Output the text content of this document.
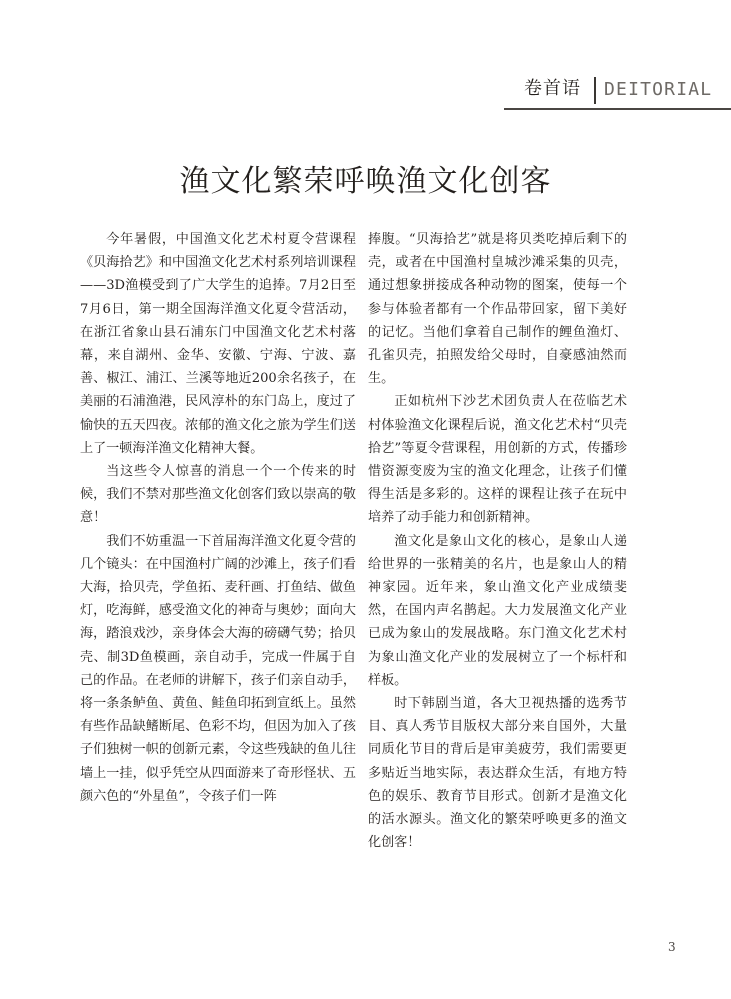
卷首语 DEITORIAL
渔文化繁荣呼唤渔文化创客

今年暑假，中国渔文化艺术村夏令营课程《贝海拾艺》和中国渔文化艺术村系列培训课程——3D渔模受到了广大学生的追捧。7月2日至7月6日，第一期全国海洋渔文化夏令营活动，在浙江省象山县石浦东门中国渔文化艺术村落幕，来自湖州、金华、安徽、宁海、宁波、嘉善、椒江、浦江、兰溪等地近200余名孩子，在美丽的石浦渔港，民风淳朴的东门岛上，度过了愉快的五天四夜。浓郁的渔文化之旅为学生们送上了一顿海洋渔文化精神大餐。

当这些令人惊喜的消息一个一个传来的时候，我们不禁对那些渔文化创客们致以崇高的敬意！

我们不妨重温一下首届海洋渔文化夏令营的几个镜头：在中国渔村广阔的沙滩上，孩子们看大海，拾贝壳，学鱼拓、麦秆画、打鱼结、做鱼灯，吃海鲜，感受渔文化的神奇与奥妙；面向大海，踏浪戏沙，亲身体会大海的磅礴气势；拾贝壳、制3D鱼模画，亲自动手，完成一件属于自己的作品。在老师的讲解下，孩子们亲自动手，将一条条鲈鱼、黄鱼、鲑鱼印拓到宣纸上。虽然有些作品缺鳍断尾、色彩不均，但因为加入了孩子们独树一帜的创新元素，令这些残缺的鱼儿往墙上一挂，似乎凭空从四面游来了奇形怪状、五颜六色的“外星鱼”，令孩子们一阵

捧腹。“贝海拾艺”就是将贝类吃掉后剩下的壳，或者在中国渔村皇城沙滩采集的贝壳，通过想象拼接成各种动物的图案，使每一个参与体验者都有一个作品带回家，留下美好的记忆。当他们拿着自己制作的鲤鱼渔灯、孔雀贝壳，拍照发给父母时，自豪感油然而生。

正如杭州下沙艺术团负责人在莅临艺术村体验渔文化课程后说，渔文化艺术村“贝壳拾艺”等夏令营课程，用创新的方式，传播珍惜资源变废为宝的渔文化理念，让孩子们懂得生活是多彩的。这样的课程让孩子在玩中培养了动手能力和创新精神。

渔文化是象山文化的核心，是象山人递给世界的一张精美的名片，也是象山人的精神家园。近年来，象山渔文化产业成绩斐然，在国内声名鹊起。大力发展渔文化产业已成为象山的发展战略。东门渔文化艺术村为象山渔文化产业的发展树立了一个标杆和样板。

时下韩剧当道，各大卫视热播的选秀节目、真人秀节目版权大部分来自国外，大量同质化节目的背后是审美疲劳，我们需要更多贴近当地实际，表达群众生活，有地方特色的娱乐、教育节目形式。创新才是渔文化的活水源头。渔文化的繁荣呼唤更多的渔文化创客！

3
